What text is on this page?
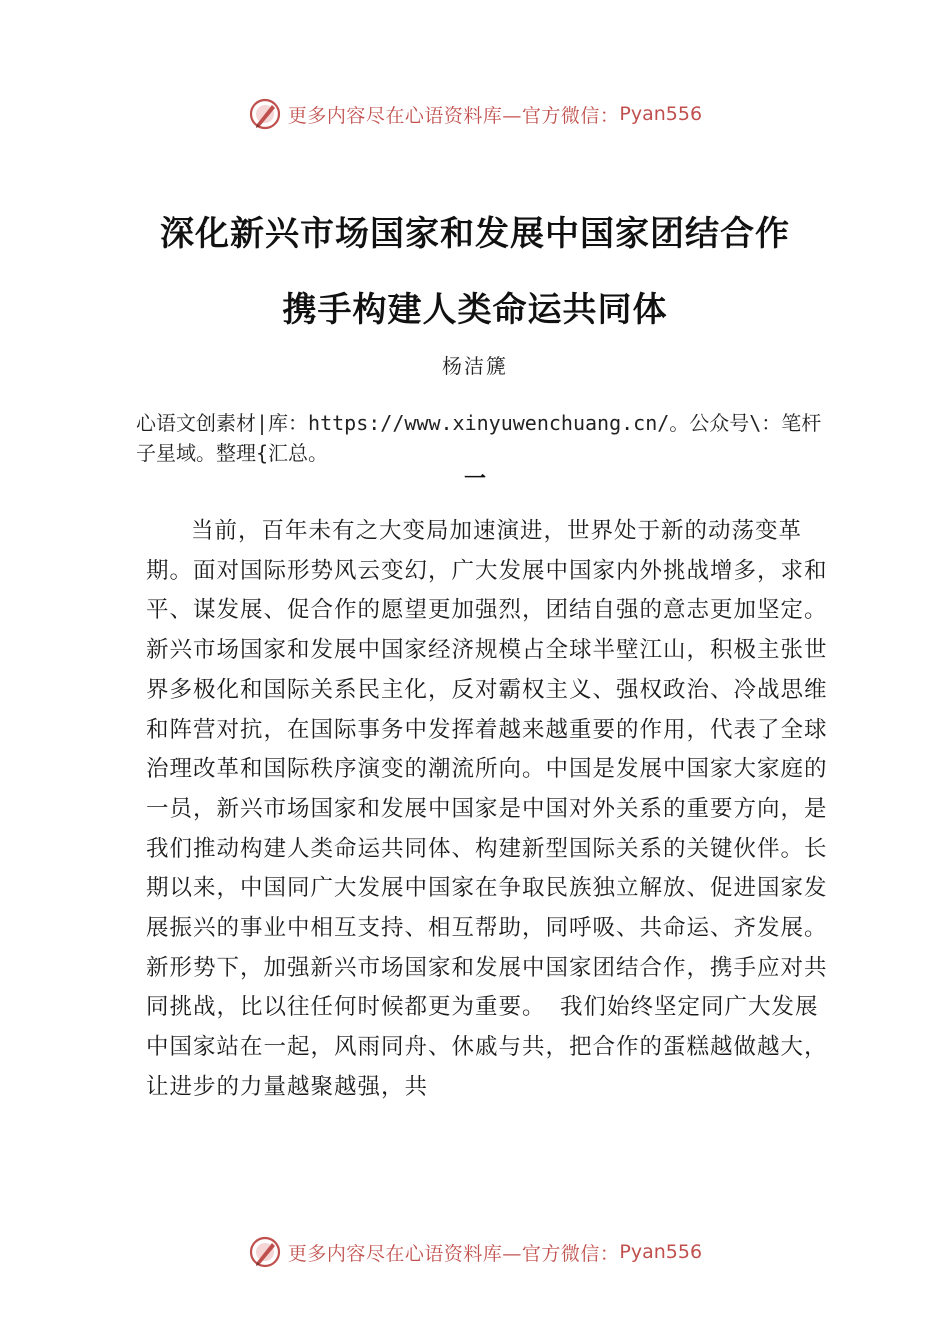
更多内容尽在心语资料库—官方微信： Pyan556
深化新兴市场国家和发展中国家团结合作
携手构建人类命运共同体
杨洁篪
心语文创素材|库：https://www.xinyuwenchuang.cn/。公众号\：笔杆子星域。整理{汇总。
一

当前，百年未有之大变局加速演进，世界处于新的动荡变革期。面对国际形势风云变幻，广大发展中国家内外挑战增多，求和平、谋发展、促合作的愿望更加强烈，团结自强的意志更加坚定。新兴市场国家和发展中国家经济规模占全球半壁江山，积极主张世界多极化和国际关系民主化，反对霸权主义、强权政治、冷战思维和阵营对抗，在国际事务中发挥着越来越重要的作用，代表了全球治理改革和国际秩序演变的潮流所向。中国是发展中国家大家庭的一员，新兴市场国家和发展中国家是中国对外关系的重要方向，是我们推动构建人类命运共同体、构建新型国际关系的关键伙伴。长期以来，中国同广大发展中国家在争取民族独立解放、促进国家发展振兴的事业中相互支持、相互帮助，同呼吸、共命运、齐发展。新形势下，加强新兴市场国家和发展中国家团结合作，携手应对共同挑战，比以往任何时候都更为重要。 我们始终坚定同广大发展中国家站在一起，风雨同舟、休戚与共，把合作的蛋糕越做越大，让进步的力量越聚越强，共

更多内容尽在心语资料库—官方微信： Pyan556
